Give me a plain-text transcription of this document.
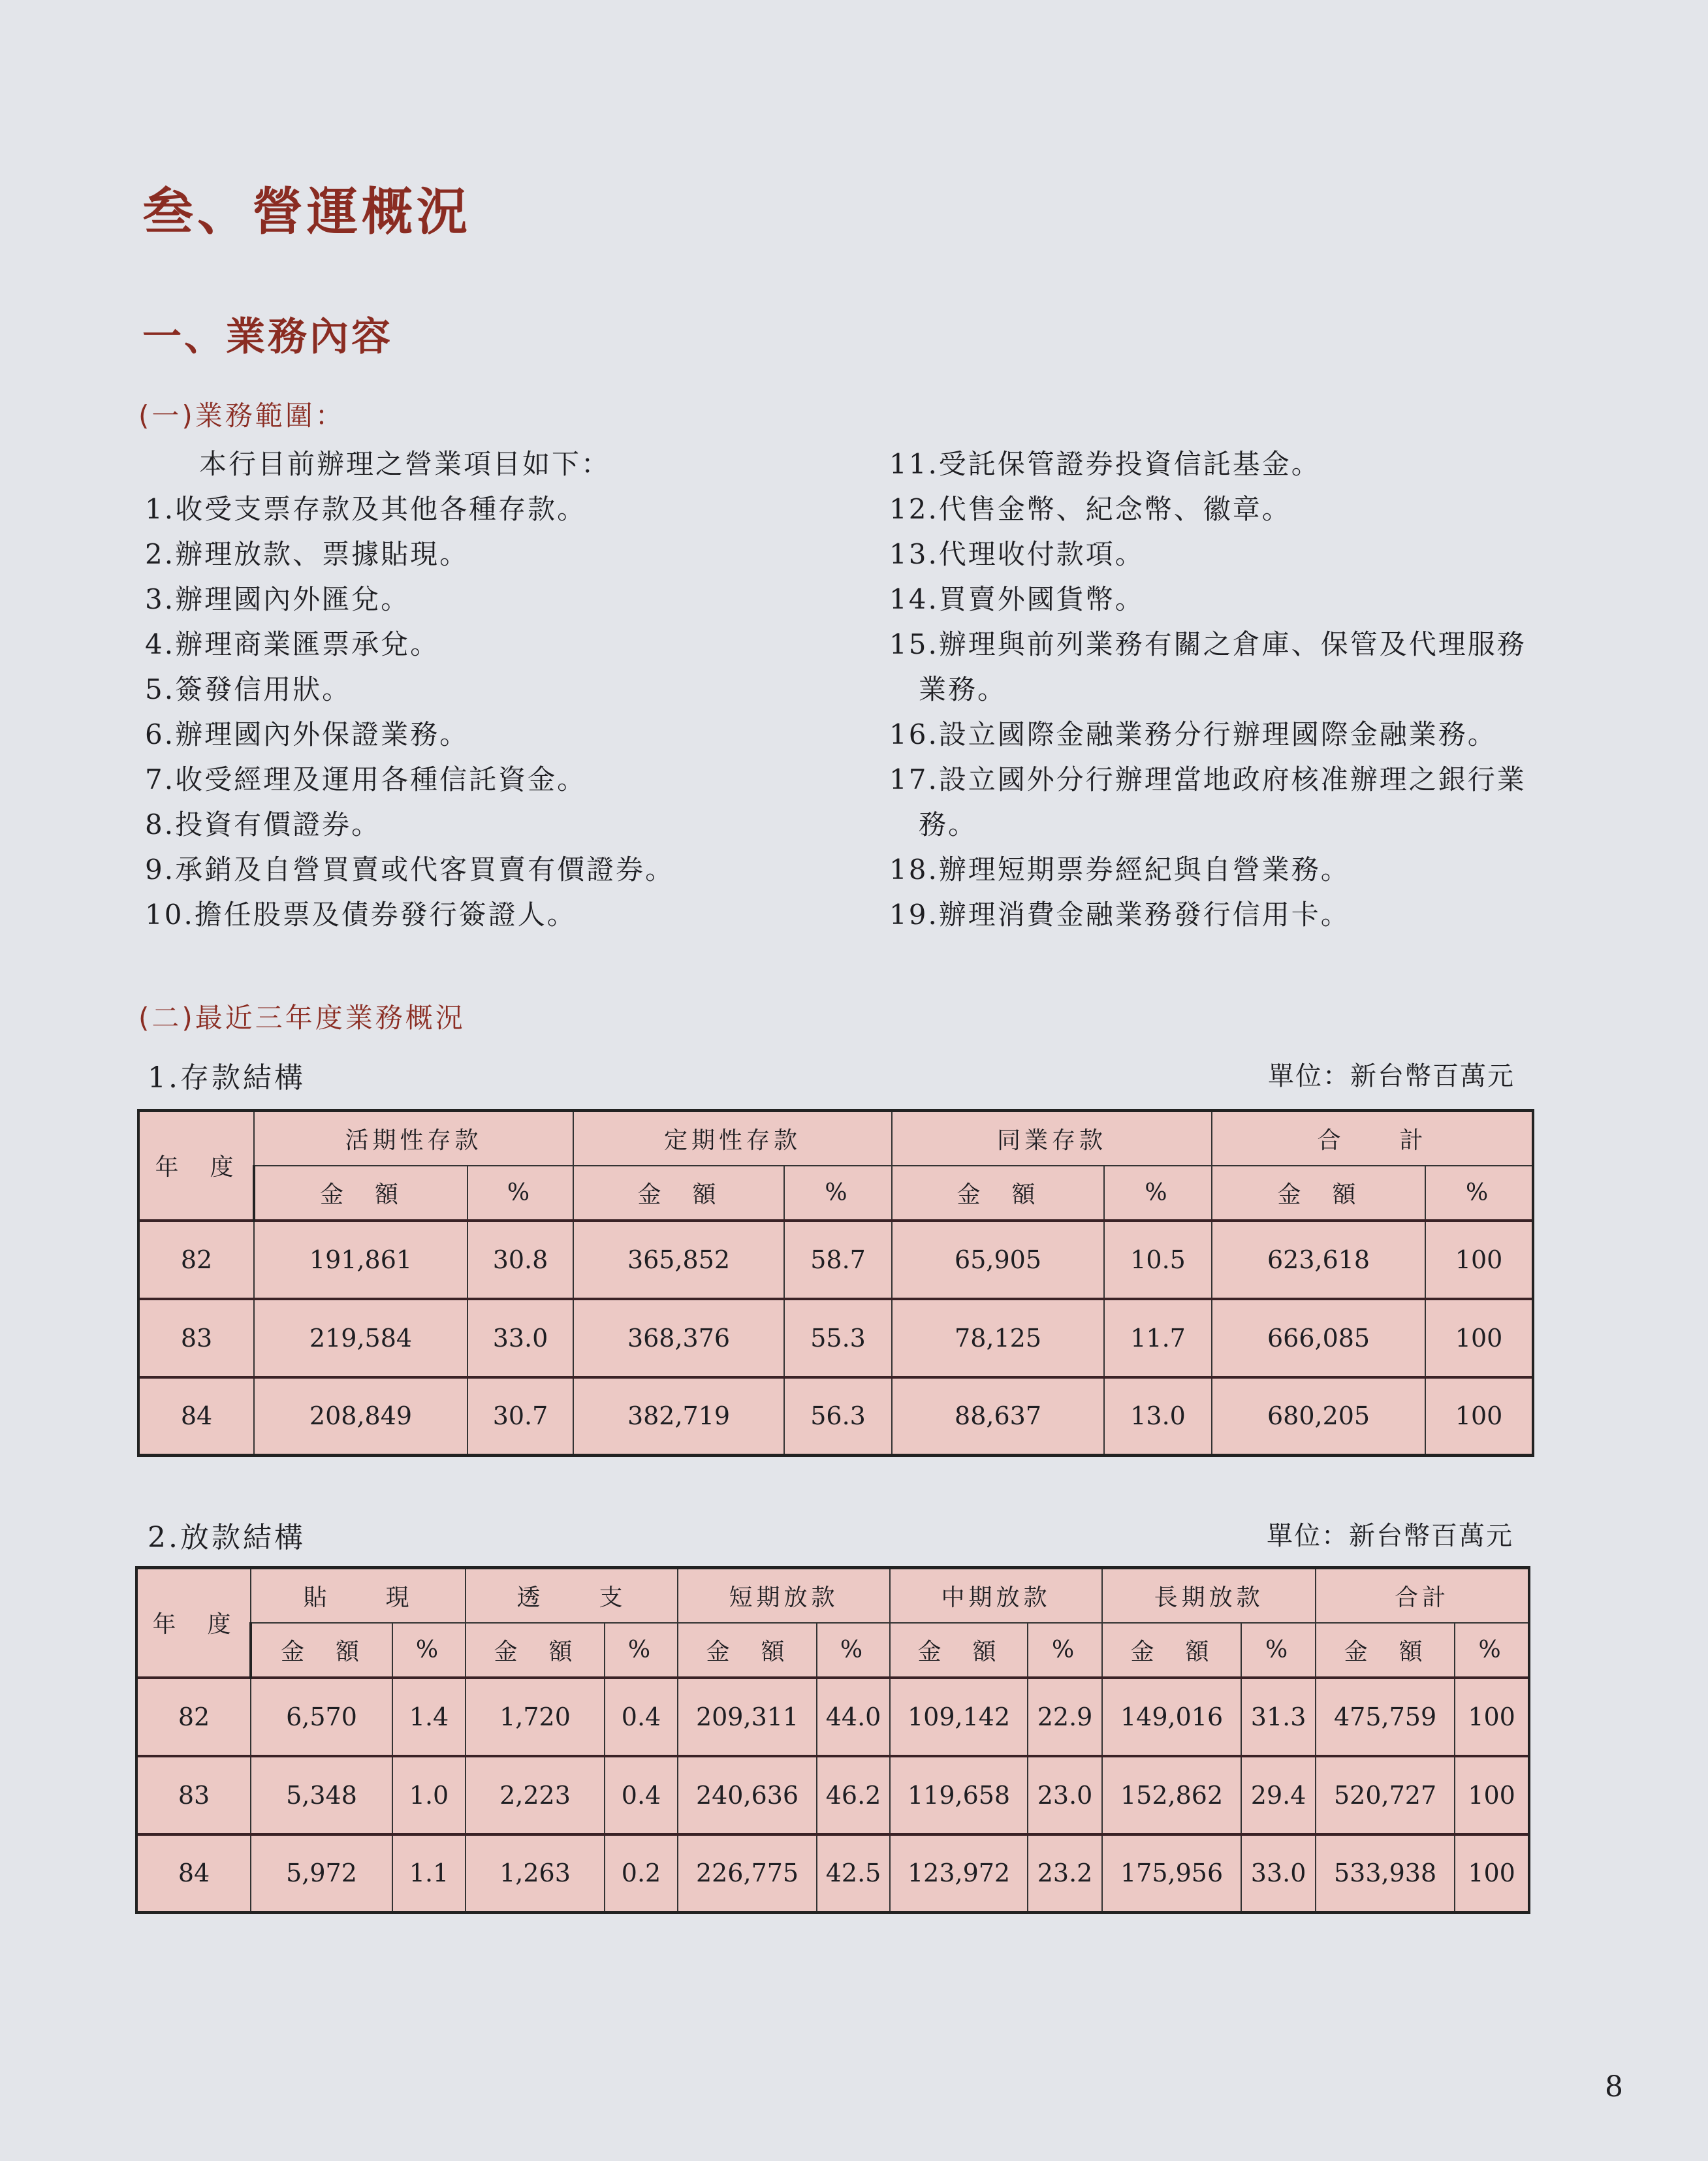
叁、營運概況
一、業務內容
(一)業務範圍：
本行目前辦理之營業項目如下：
1.收受支票存款及其他各種存款。
2.辦理放款、票據貼現。
3.辦理國內外匯兌。
4.辦理商業匯票承兌。
5.簽發信用狀。
6.辦理國內外保證業務。
7.收受經理及運用各種信託資金。
8.投資有價證券。
9.承銷及自營買賣或代客買賣有價證券。
10.擔任股票及債券發行簽證人。
11.受託保管證券投資信託基金。
12.代售金幣、紀念幣、徽章。
13.代理收付款項。
14.買賣外國貨幣。
15.辦理與前列業務有關之倉庫、保管及代理服務
　業務。
16.設立國際金融業務分行辦理國際金融業務。
17.設立國外分行辦理當地政府核准辦理之銀行業
　務。
18.辦理短期票券經紀與自營業務。
19.辦理消費金融業務發行信用卡。
(二)最近三年度業務概況
1.存款結構	單位：新台幣百萬元
年　度	活期性存款		定期性存款		同業存款		合　　計	
	金　額	%	金　額	%	金　額	%	金　額	%
82	191,861	30.8	365,852	58.7	65,905	10.5	623,618	100
83	219,584	33.0	368,376	55.3	78,125	11.7	666,085	100
84	208,849	30.7	382,719	56.3	88,637	13.0	680,205	100
2.放款結構	單位：新台幣百萬元
年　度	貼　　現		透　　支		短期放款		中期放款		長期放款		合計	
	金　額	%	金　額	%	金　額	%	金　額	%	金　額	%	金　額	%
82	6,570	1.4	1,720	0.4	209,311	44.0	109,142	22.9	149,016	31.3	475,759	100
83	5,348	1.0	2,223	0.4	240,636	46.2	119,658	23.0	152,862	29.4	520,727	100
84	5,972	1.1	1,263	0.2	226,775	42.5	123,972	23.2	175,956	33.0	533,938	100
8
